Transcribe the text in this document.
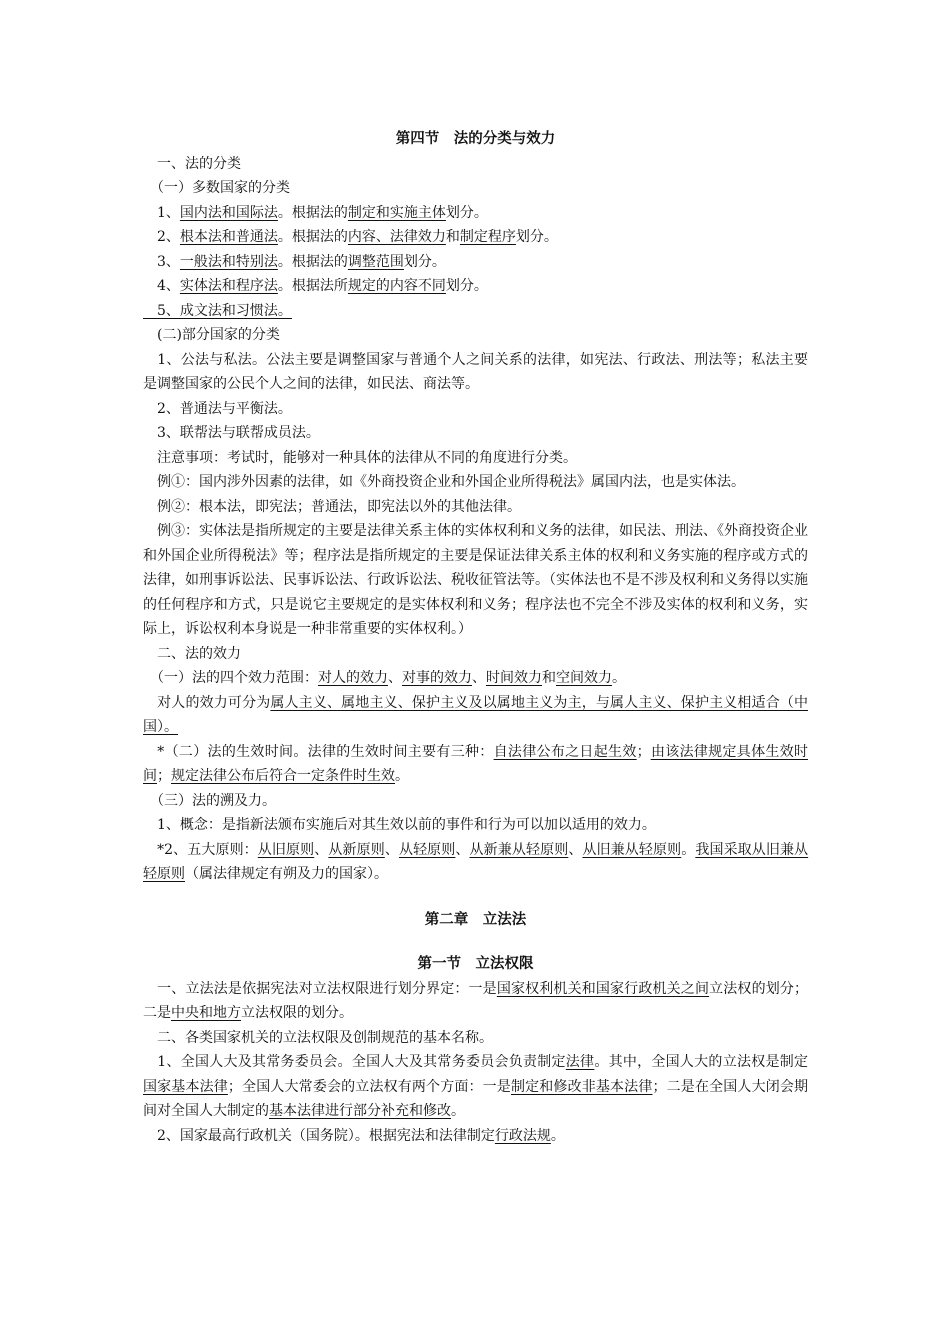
第四节　法的分类与效力
　一、法的分类
　（一）多数国家的分类
　1、国内法和国际法。根据法的制定和实施主体划分。
　2、根本法和普通法。根据法的内容、法律效力和制定程序划分。
　3、一般法和特别法。根据法的调整范围划分。
　4、实体法和程序法。根据法所规定的内容不同划分。
　5、成文法和习惯法。
　(二)部分国家的分类
　1、公法与私法。公法主要是调整国家与普通个人之间关系的法律，如宪法、行政法、刑法等；私法主要是调整国家的公民个人之间的法律，如民法、商法等。
　2、普通法与平衡法。
　3、联帮法与联帮成员法。
　注意事项：考试时，能够对一种具体的法律从不同的角度进行分类。
　例①：国内涉外因素的法律，如《外商投资企业和外国企业所得税法》属国内法，也是实体法。
　例②：根本法，即宪法；普通法，即宪法以外的其他法律。
　例③：实体法是指所规定的主要是法律关系主体的实体权利和义务的法律，如民法、刑法、《外商投资企业和外国企业所得税法》等；程序法是指所规定的主要是保证法律关系主体的权利和义务实施的程序或方式的法律，如刑事诉讼法、民事诉讼法、行政诉讼法、税收征管法等。（实体法也不是不涉及权利和义务得以实施的任何程序和方式，只是说它主要规定的是实体权利和义务；程序法也不完全不涉及实体的权利和义务，实际上，诉讼权利本身说是一种非常重要的实体权利。）
　二、法的效力
　（一）法的四个效力范围：对人的效力、对事的效力、时间效力和空间效力。
　对人的效力可分为属人主义、属地主义、保护主义及以属地主义为主，与属人主义、保护主义相适合（中国）。
　*（二）法的生效时间。法律的生效时间主要有三种：自法律公布之日起生效；由该法律规定具体生效时间；规定法律公布后符合一定条件时生效。
　（三）法的溯及力。
　1、概念：是指新法颁布实施后对其生效以前的事件和行为可以加以适用的效力。
　*2、五大原则：从旧原则、从新原则、从轻原则、从新兼从轻原则、从旧兼从轻原则。我国采取从旧兼从轻原则（属法律规定有朔及力的国家）。
第二章　立法法
第一节　立法权限
　一、立法法是依据宪法对立法权限进行划分界定：一是国家权利机关和国家行政机关之间立法权的划分；二是中央和地方立法权限的划分。
　二、各类国家机关的立法权限及创制规范的基本名称。
　1、全国人大及其常务委员会。全国人大及其常务委员会负责制定法律。其中，全国人大的立法权是制定国家基本法律；全国人大常委会的立法权有两个方面：一是制定和修改非基本法律；二是在全国人大闭会期间对全国人大制定的基本法律进行部分补充和修改。
　2、国家最高行政机关（国务院）。根据宪法和法律制定行政法规。
